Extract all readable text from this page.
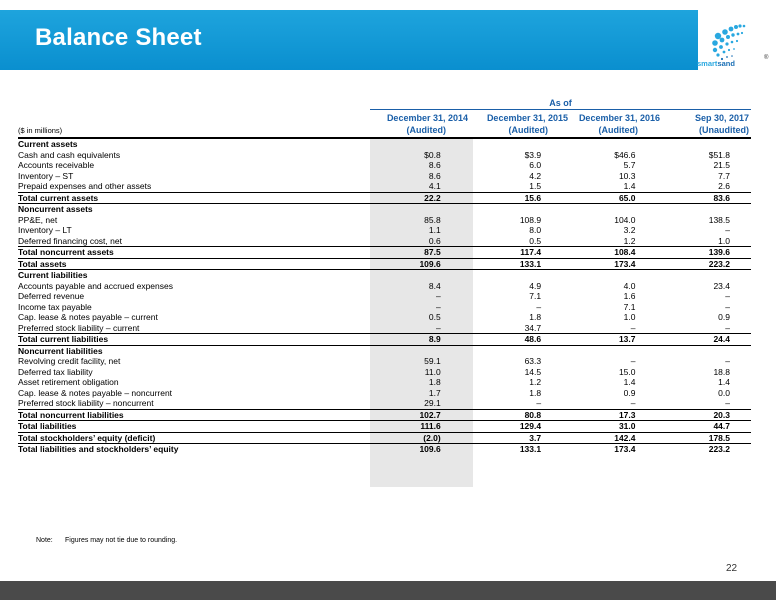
Balance Sheet
smartsand
®
As of
December 31, 2014
(Audited)
December 31, 2015
(Audited)
December 31, 2016
(Audited)
Sep 30, 2017
(Unaudited)
($ in millions)
Current assets				
Cash and cash equivalents	$0.8	$3.9	$46.6	$51.8
Accounts receivable	8.6	6.0	5.7	21.5
Inventory – ST	8.6	4.2	10.3	7.7
Prepaid expenses and other assets	4.1	1.5	1.4	2.6
Total current assets	22.2	15.6	65.0	83.6
Noncurrent assets				
PP&E, net	85.8	108.9	104.0	138.5
Inventory – LT	1.1	8.0	3.2	–
Deferred financing cost, net	0.6	0.5	1.2	1.0
Total noncurrent assets	87.5	117.4	108.4	139.6
Total assets	109.6	133.1	173.4	223.2
Current liabilities				
Accounts payable and accrued expenses	8.4	4.9	4.0	23.4
Deferred revenue	–	7.1	1.6	–
Income tax payable	–	–	7.1	–
Cap. lease & notes payable – current	0.5	1.8	1.0	0.9
Preferred stock liability – current	–	34.7	–	–
Total current liabilities	8.9	48.6	13.7	24.4
Noncurrent liabilities				
Revolving credit facility, net	59.1	63.3	–	–
Deferred tax liability	11.0	14.5	15.0	18.8
Asset retirement obligation	1.8	1.2	1.4	1.4
Cap. lease & notes payable – noncurrent	1.7	1.8	0.9	0.0
Preferred stock liability – noncurrent	29.1	–	–	–
Total noncurrent liabilities	102.7	80.8	17.3	20.3
Total liabilities	111.6	129.4	31.0	44.7
Total stockholders’ equity (deficit)	(2.0)	3.7	142.4	178.5
Total liabilities and stockholders’ equity	109.6	133.1	173.4	223.2
Note: Figures may not tie due to rounding.
22
